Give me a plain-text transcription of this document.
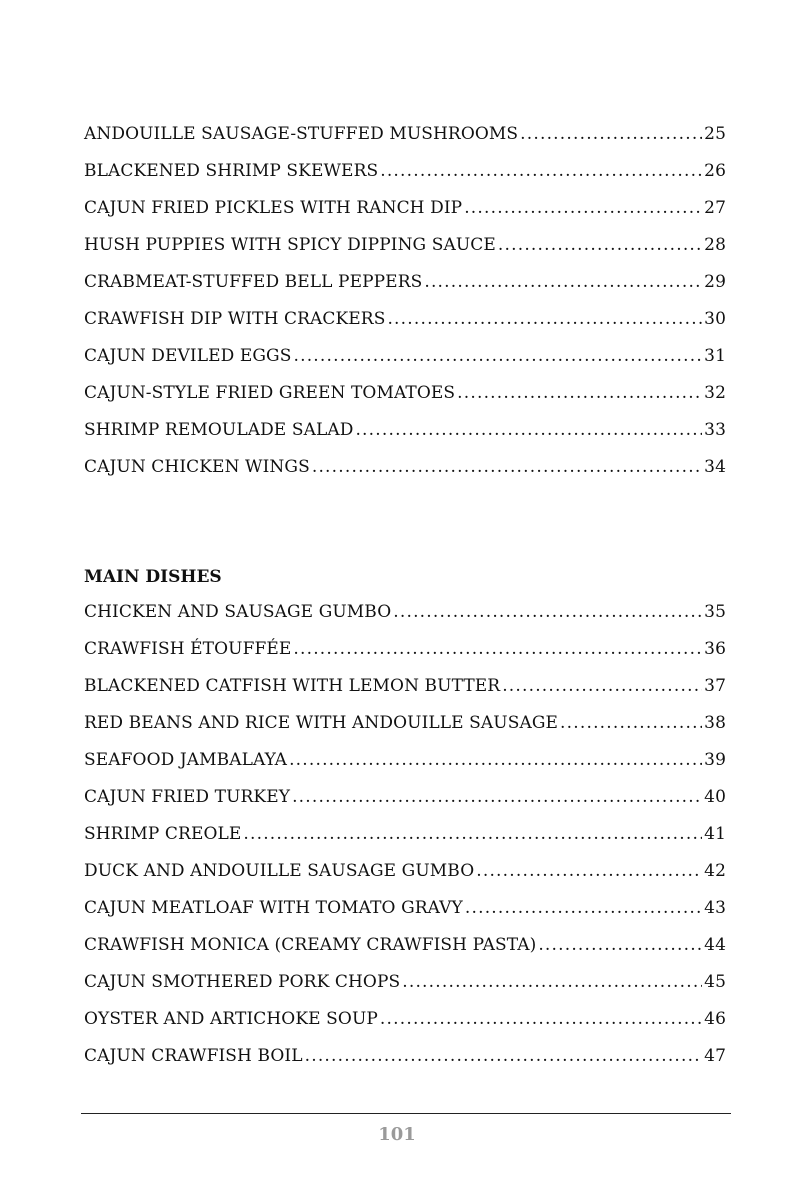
ANDOUILLE SAUSAGE-STUFFED MUSHROOMS .....	25
BLACKENED SHRIMP SKEWERS .....	26
CAJUN FRIED PICKLES WITH RANCH DIP .....	27
HUSH PUPPIES WITH SPICY DIPPING SAUCE .....	28
CRABMEAT-STUFFED BELL PEPPERS .....	29
CRAWFISH DIP WITH CRACKERS .....	30
CAJUN DEVILED EGGS .....	31
CAJUN-STYLE FRIED GREEN TOMATOES .....	32
SHRIMP REMOULADE SALAD .....	33
CAJUN CHICKEN WINGS .....	34
MAIN DISHES
CHICKEN AND SAUSAGE GUMBO .....	35
CRAWFISH ÉTOUFFÉE .....	36
BLACKENED CATFISH WITH LEMON BUTTER .....	37
RED BEANS AND RICE WITH ANDOUILLE SAUSAGE .....	38
SEAFOOD JAMBALAYA .....	39
CAJUN FRIED TURKEY .....	40
SHRIMP CREOLE .....	41
DUCK AND ANDOUILLE SAUSAGE GUMBO .....	42
CAJUN MEATLOAF WITH TOMATO GRAVY .....	43
CRAWFISH MONICA (CREAMY CRAWFISH PASTA) .....	44
CAJUN SMOTHERED PORK CHOPS .....	45
OYSTER AND ARTICHOKE SOUP .....	46
CAJUN CRAWFISH BOIL .....	47
101
